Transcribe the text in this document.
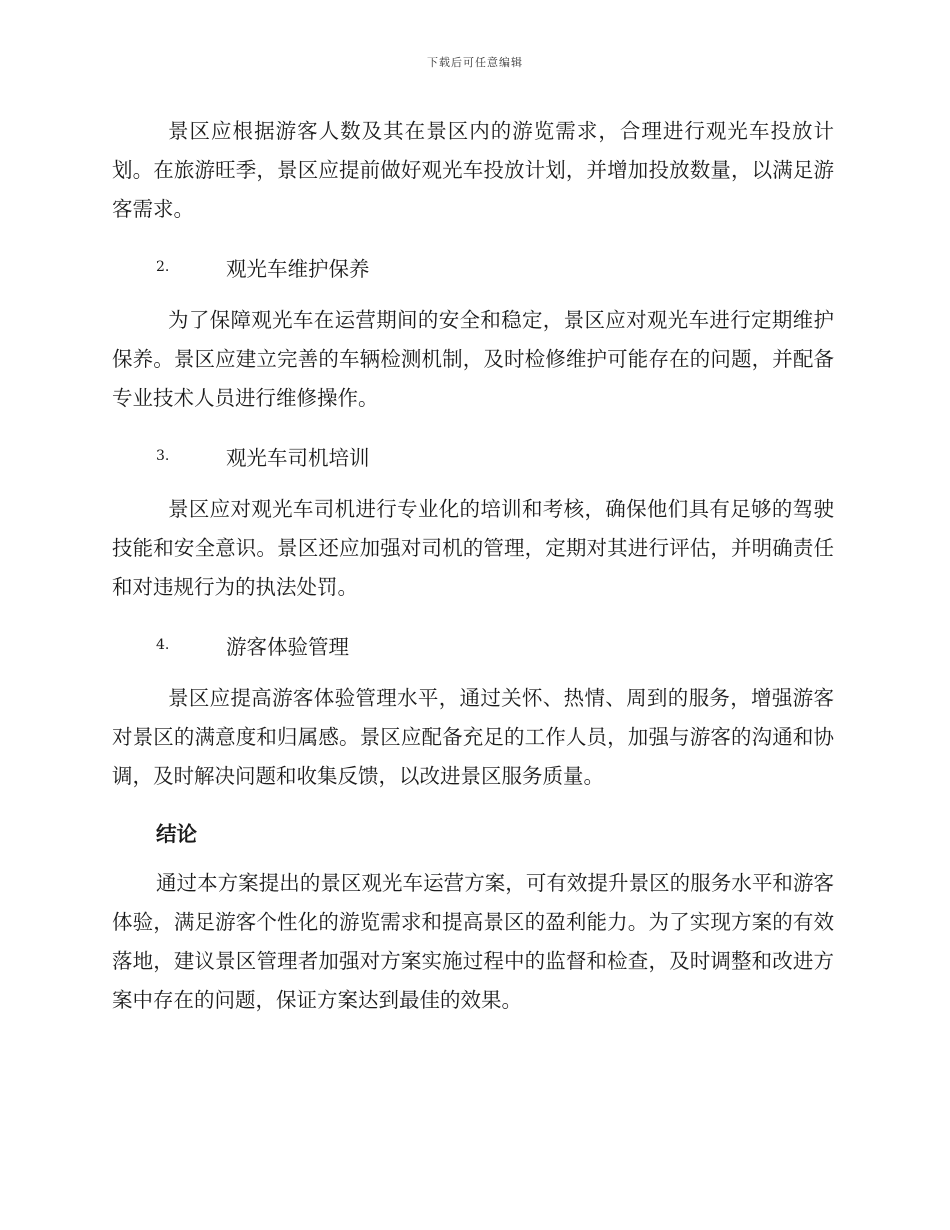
下载后可任意编辑

景区应根据游客人数及其在景区内的游览需求，合理进行观光车投放计划。在旅游旺季，景区应提前做好观光车投放计划，并增加投放数量，以满足游客需求。

2.	观光车维护保养

为了保障观光车在运营期间的安全和稳定，景区应对观光车进行定期维护保养。景区应建立完善的车辆检测机制，及时检修维护可能存在的问题，并配备专业技术人员进行维修操作。

3.	观光车司机培训

景区应对观光车司机进行专业化的培训和考核，确保他们具有足够的驾驶技能和安全意识。景区还应加强对司机的管理，定期对其进行评估，并明确责任和对违规行为的执法处罚。

4.	游客体验管理

景区应提高游客体验管理水平，通过关怀、热情、周到的服务，增强游客对景区的满意度和归属感。景区应配备充足的工作人员，加强与游客的沟通和协调，及时解决问题和收集反馈，以改进景区服务质量。

结论

通过本方案提出的景区观光车运营方案，可有效提升景区的服务水平和游客体验，满足游客个性化的游览需求和提高景区的盈利能力。为了实现方案的有效落地，建议景区管理者加强对方案实施过程中的监督和检查，及时调整和改进方案中存在的问题，保证方案达到最佳的效果。
